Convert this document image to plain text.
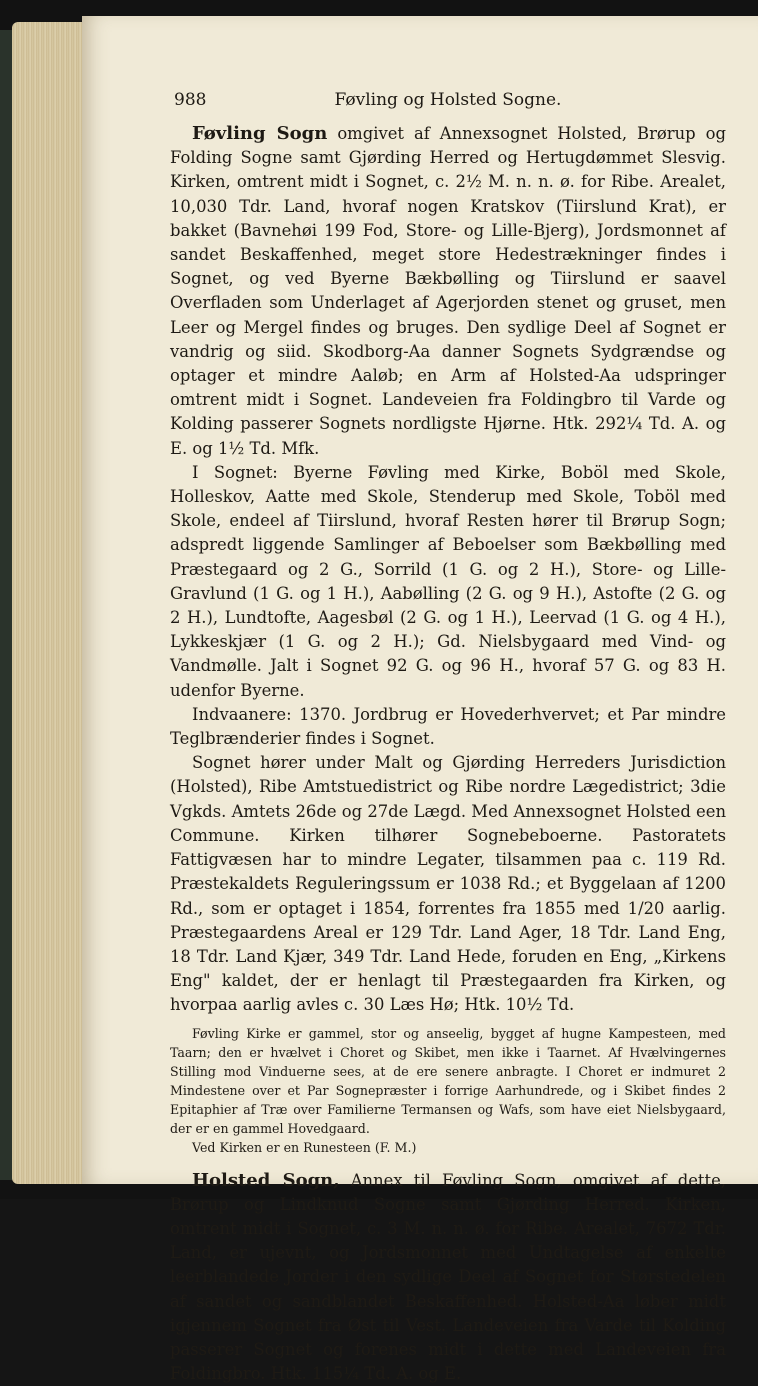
988	Føvling og Holsted Sogne.

Føvling Sogn omgivet af Annexsognet Holsted, Brørup og Folding Sogne samt Gjørding Herred og Hertugdømmet Slesvig. Kirken, omtrent midt i Sognet, c. 2½ M. n. n. ø. for Ribe. Arealet, 10,030 Tdr. Land, hvoraf nogen Kratskov (Tiirslund Krat), er bakket (Bavnehøi 199 Fod, Store- og Lille-Bjerg), Jordsmonnet af sandet Beskaffenhed, meget store Hedestrækninger findes i Sognet, og ved Byerne Bækbølling og Tiirslund er saavel Overfladen som Underlaget af Agerjorden stenet og gruset, men Leer og Mergel findes og bruges. Den sydlige Deel af Sognet er vandrig og siid. Skodborg-Aa danner Sognets Sydgrændse og optager et mindre Aaløb; en Arm af Holsted-Aa udspringer omtrent midt i Sognet. Landeveien fra Foldingbro til Varde og Kolding passerer Sognets nordligste Hjørne. Htk. 292¼ Td. A. og E. og 1½ Td. Mfk.

I Sognet: Byerne Føvling med Kirke, Boböl med Skole, Holleskov, Aatte med Skole, Stenderup med Skole, Toböl med Skole, endeel af Tiirslund, hvoraf Resten hører til Brørup Sogn; adspredt liggende Samlinger af Beboelser som Bækbølling med Præstegaard og 2 G., Sorrild (1 G. og 2 H.), Store- og Lille-Gravlund (1 G. og 1 H.), Aabølling (2 G. og 9 H.), Astofte (2 G. og 2 H.), Lundtofte, Aagesbøl (2 G. og 1 H.), Leervad (1 G. og 4 H.), Lykkeskjær (1 G. og 2 H.); Gd. Nielsbygaard med Vind- og Vandmølle. Jalt i Sognet 92 G. og 96 H., hvoraf 57 G. og 83 H. udenfor Byerne.

Indvaanere: 1370. Jordbrug er Hovederhvervet; et Par mindre Teglbrænderier findes i Sognet.

Sognet hører under Malt og Gjørding Herreders Jurisdiction (Holsted), Ribe Amtstuedistrict og Ribe nordre Lægedistrict; 3die Vgkds. Amtets 26de og 27de Lægd. Med Annexsognet Holsted een Commune. Kirken tilhører Sognebeboerne. Pastoratets Fattigvæsen har to mindre Legater, tilsammen paa c. 119 Rd. Præstekaldets Reguleringssum er 1038 Rd.; et Byggelaan af 1200 Rd., som er optaget i 1854, forrentes fra 1855 med 1/20 aarlig. Præstegaardens Areal er 129 Tdr. Land Ager, 18 Tdr. Land Eng, 18 Tdr. Land Kjær, 349 Tdr. Land Hede, foruden en Eng, „Kirkens Eng" kaldet, der er henlagt til Præstegaarden fra Kirken, og hvorpaa aarlig avles c. 30 Læs Hø; Htk. 10½ Td.

Føvling Kirke er gammel, stor og anseelig, bygget af hugne Kampesteen, med Taarn; den er hvælvet i Choret og Skibet, men ikke i Taarnet. Af Hvælvingernes Stilling mod Vinduerne sees, at de ere senere anbragte. I Choret er indmuret 2 Mindestene over et Par Sognepræster i forrige Aarhundrede, og i Skibet findes 2 Epitaphier af Træ over Familierne Termansen og Wafs, som have eiet Nielsbygaard, der er en gammel Hovedgaard.

Ved Kirken er en Runesteen (F. M.)

Holsted Sogn, Annex til Føvling Sogn, omgivet af dette, Brørup og Lindknud Sogne samt Gjørding Herred. Kirken, omtrent midt i Sognet, c. 3 M. n. n. ø. for Ribe. Arealet, 7672 Tdr. Land, er ujevnt, og Jordsmonnet med Undtagelse af enkelte leerblandede Jorder i den sydlige Deel af Sognet for Størstedelen af sandet og sandblandet Beskaffenhed. Holsted-Aa løber midt igjennem Sognet fra Øst til Vest. Landeveien fra Varde til Kolding passerer Sognet og forenes midt i dette med Landeveien fra Foldingbro. Htk. 115¼ Td. A. og E.
